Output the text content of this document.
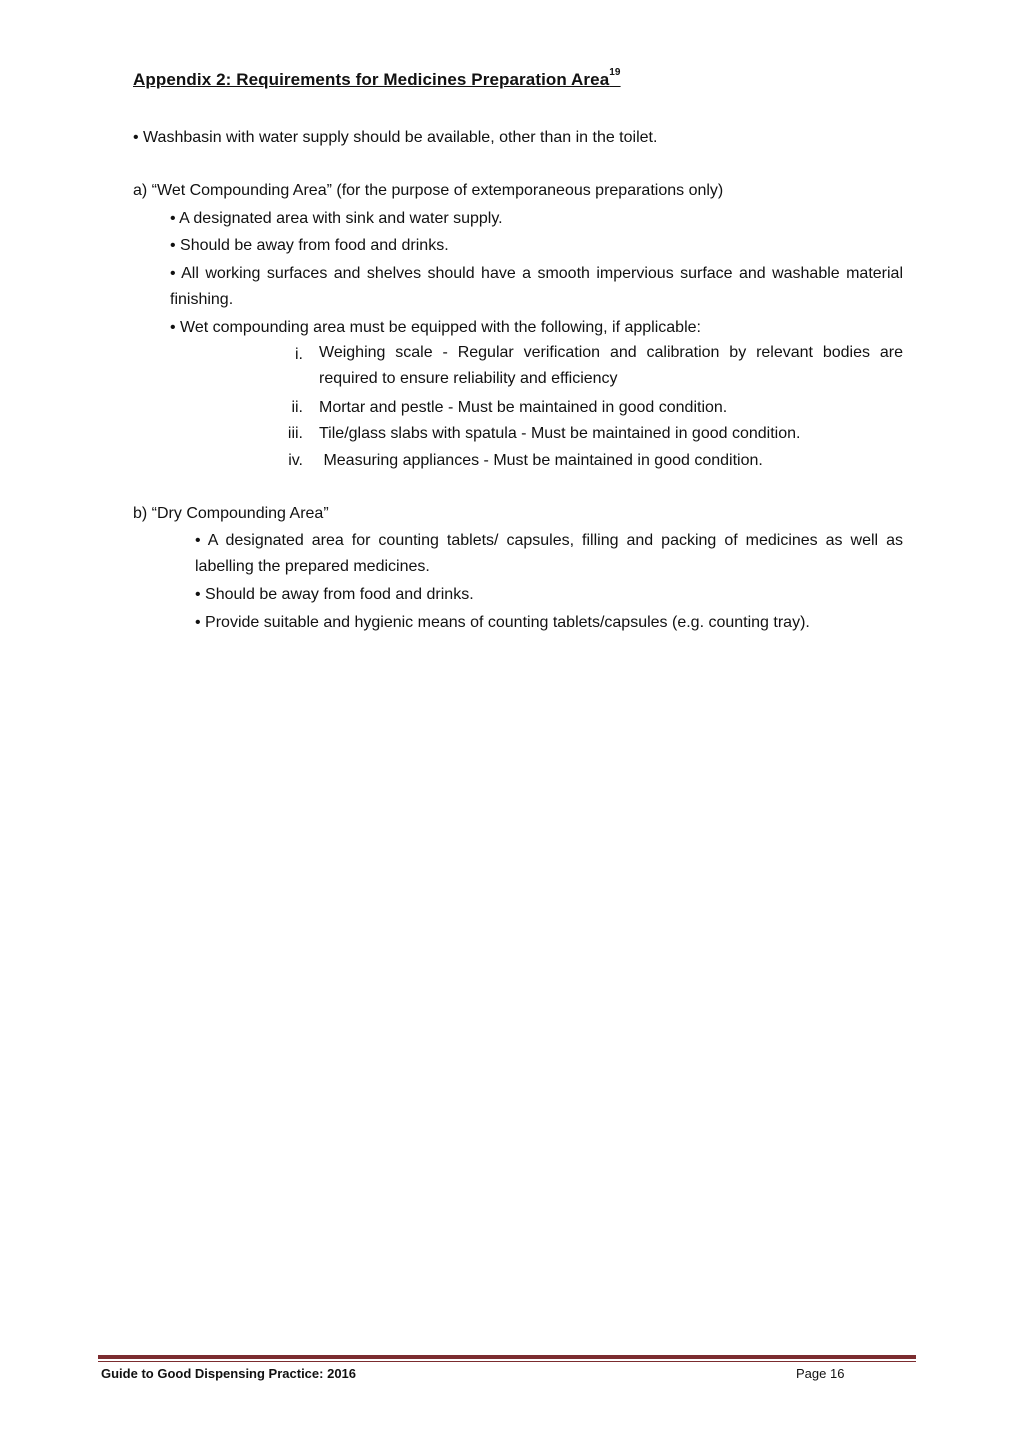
Appendix 2: Requirements for Medicines Preparation Area$^{19}$
• Washbasin with water supply should be available, other than in the toilet.
a) “Wet Compounding Area” (for the purpose of extemporaneous preparations only)
• A designated area with sink and water supply.
• Should be away from food and drinks.
• All working surfaces and shelves should have a smooth impervious surface and washable material finishing.
• Wet compounding area must be equipped with the following, if applicable:
i. Weighing scale - Regular verification and calibration by relevant bodies are required to ensure reliability and efficiency
ii. Mortar and pestle - Must be maintained in good condition.
iii. Tile/glass slabs with spatula - Must be maintained in good condition.
iv. Measuring appliances - Must be maintained in good condition.
b) “Dry Compounding Area”
• A designated area for counting tablets/ capsules, filling and packing of medicines as well as labelling the prepared medicines.
• Should be away from food and drinks.
• Provide suitable and hygienic means of counting tablets/capsules (e.g. counting tray).
Guide to Good Dispensing Practice: 2016	Page 16
